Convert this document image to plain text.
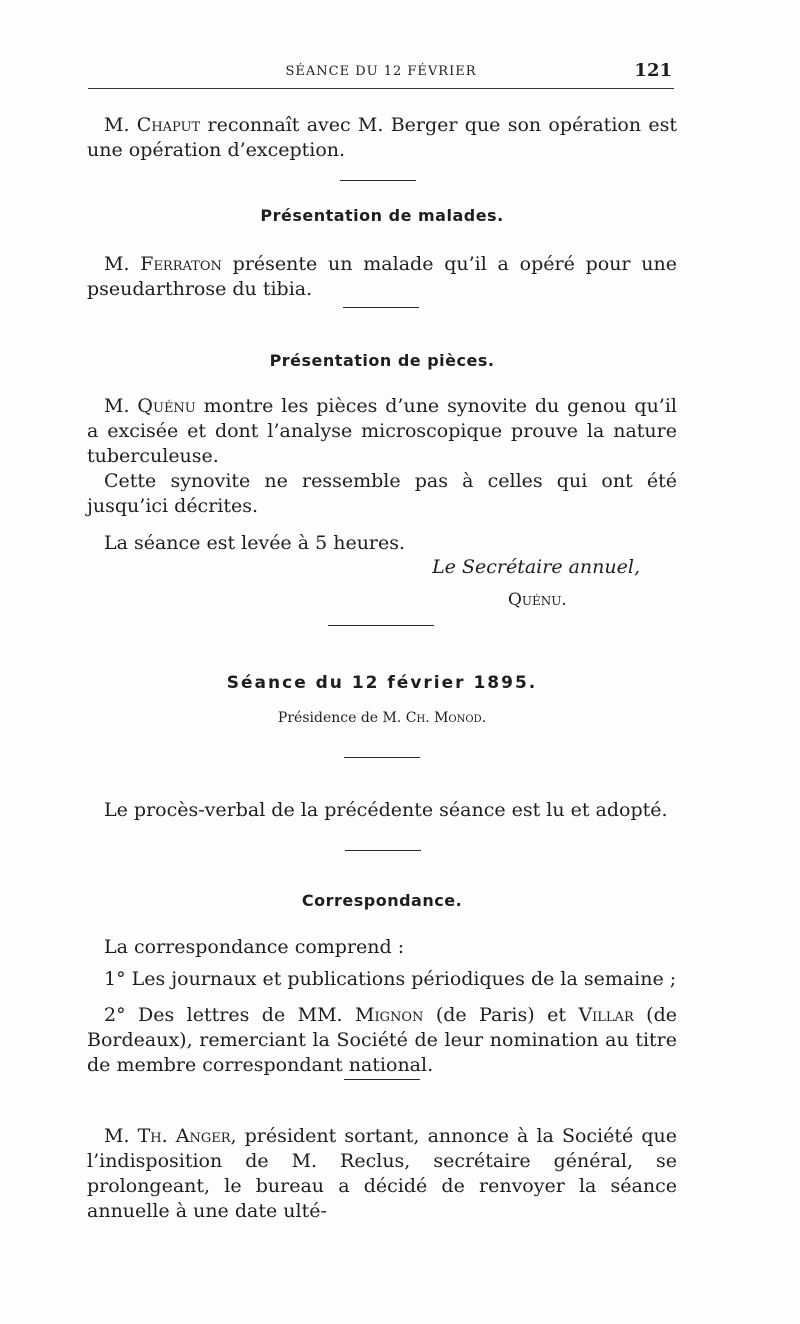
SÉANCE DU 12 FÉVRIER	121
M. Chaput reconnaît avec M. Berger que son opération est une opération d’exception.
Présentation de malades.
M. Ferraton présente un malade qu’il a opéré pour une pseudarthrose du tibia.
Présentation de pièces.
M. Quénu montre les pièces d’une synovite du genou qu’il a excisée et dont l’analyse microscopique prouve la nature tuberculeuse.
Cette synovite ne ressemble pas à celles qui ont été jusqu’ici décrites.
La séance est levée à 5 heures.
Le Secrétaire annuel,
Quénu.
Séance du 12 février 1895.
Présidence de M. Ch. Monod.
Le procès-verbal de la précédente séance est lu et adopté.
Correspondance.
La correspondance comprend :
1° Les journaux et publications périodiques de la semaine ;
2° Des lettres de MM. Mignon (de Paris) et Villar (de Bordeaux), remerciant la Société de leur nomination au titre de membre correspondant national.
M. Th. Anger, président sortant, annonce à la Société que l’indisposition de M. Reclus, secrétaire général, se prolongeant, le bureau a décidé de renvoyer la séance annuelle à une date ulté-
